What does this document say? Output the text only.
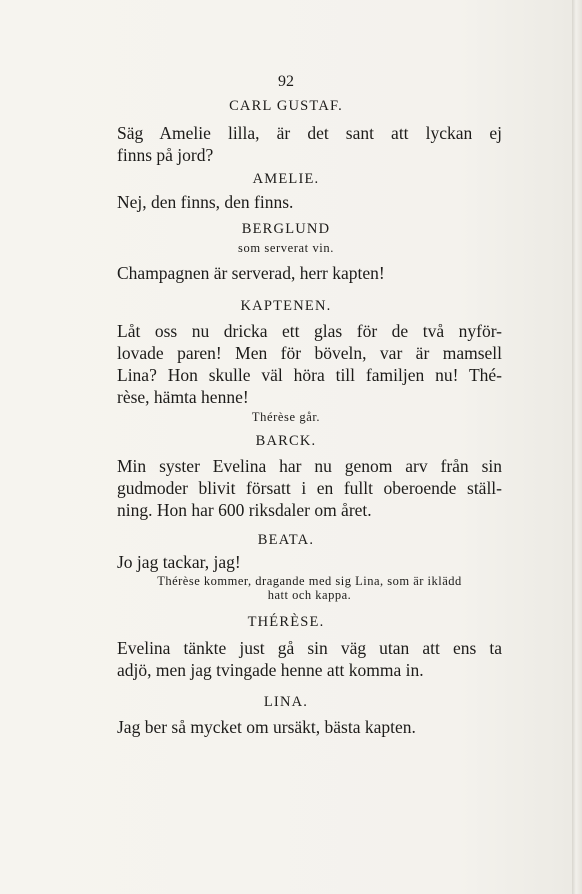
92
CARL GUSTAF.

Säg Amelie lilla, är det sant att lyckan ej

finns på jord?

AMELIE.

Nej, den finns, den finns.

BERGLUND
som serverat vin.

Champagnen är serverad, herr kapten!

KAPTENEN.

Låt oss nu dricka ett glas för de två nyför-

lovade paren! Men för böveln, var är mamsell

Lina? Hon skulle väl höra till familjen nu! Thé-

rèse, hämta henne!

Thérèse går.
BARCK.

Min syster Evelina har nu genom arv från sin

gudmoder blivit försatt i en fullt oberoende ställ-

ning. Hon har 600 riksdaler om året.

BEATA.

Jo jag tackar, jag!

Thérèse kommer, dragande med sig Lina, som är iklädd
hatt och kappa.
THÉRÈSE.

Evelina tänkte just gå sin väg utan att ens ta

adjö, men jag tvingade henne att komma in.

LINA.

Jag ber så mycket om ursäkt, bästa kapten.
